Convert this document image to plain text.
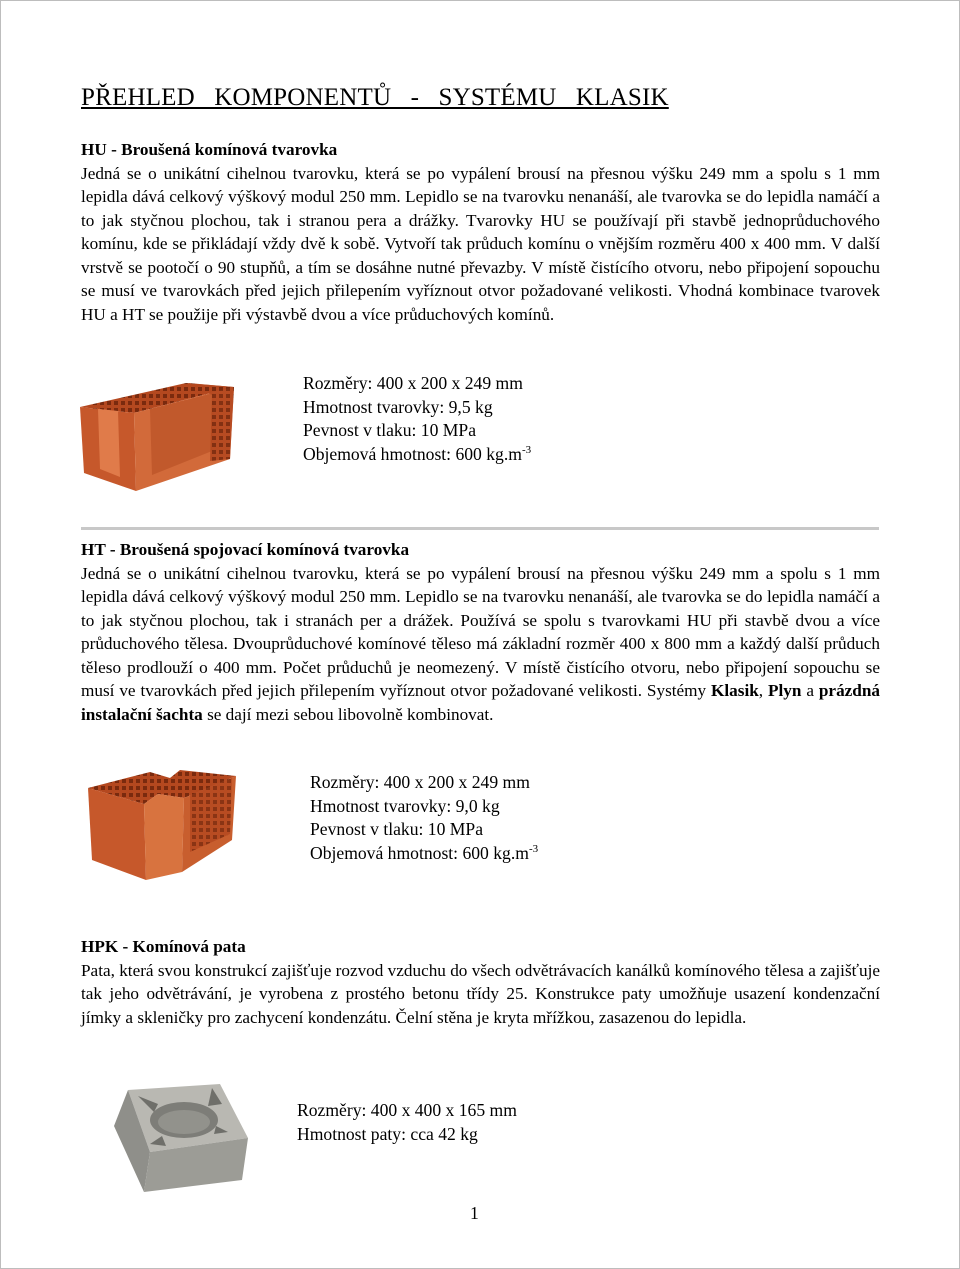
PŘEHLED   KOMPONENTŮ   -   SYSTÉMU   KLASIK
HU - Broušená komínová tvarovka
Jedná se o unikátní cihelnou tvarovku, která se po vypálení brousí na přesnou výšku 249 mm a spolu s 1 mm lepidla dává celkový výškový modul 250 mm. Lepidlo se na tvarovku nenanáší, ale tvarovka se do lepidla namáčí a to jak styčnou plochou, tak i stranou pera a drážky. Tvarovky HU se používají při stavbě jednoprůduchového komínu, kde se přikládají vždy dvě k sobě. Vytvoří tak průduch komínu o vnějším rozměru 400 x 400 mm. V další vrstvě se pootočí o 90 stupňů, a tím se dosáhne nutné převazby. V místě čistícího otvoru, nebo připojení sopouchu se musí ve tvarovkách před jejich přilepením vyříznout otvor požadované velikosti. Vhodná kombinace tvarovek HU a HT se použije při výstavbě dvou a více průduchových komínů.
Rozměry: 400 x 200 x 249 mm
Hmotnost tvarovky: 9,5 kg
Pevnost v tlaku: 10 MPa
Objemová hmotnost: 600 $kg.m^{-3}$
HT - Broušená spojovací komínová tvarovka
Jedná se o unikátní cihelnou tvarovku, která se po vypálení brousí na přesnou výšku 249 mm a spolu s 1 mm lepidla dává celkový výškový modul 250 mm. Lepidlo se na tvarovku nenanáší, ale tvarovka se do lepidla namáčí a to jak styčnou plochou, tak i stranách per a drážek. Používá se spolu s tvarovkami HU při stavbě dvou a více průduchového tělesa. Dvouprůduchové komínové těleso má základní rozměr 400 x 800 mm a každý další průduch těleso prodlouží o 400 mm. Počet průduchů je neomezený. V místě čistícího otvoru, nebo připojení sopouchu se musí ve tvarovkách před jejich přilepením vyříznout otvor požadované velikosti. Systémy Klasik, Plyn a prázdná instalační šachta se dají mezi sebou libovolně kombinovat.
Rozměry: 400 x 200 x 249 mm
Hmotnost tvarovky: 9,0 kg
Pevnost v tlaku: 10 MPa
Objemová hmotnost: 600 $kg.m^{-3}$
HPK - Komínová pata
Pata, která svou konstrukcí zajišťuje rozvod vzduchu do všech odvětrávacích kanálků komínového tělesa a zajišťuje tak jeho odvětrávání, je vyrobena z prostého betonu třídy 25. Konstrukce paty umožňuje usazení kondenzační jímky a skleničky pro zachycení kondenzátu. Čelní stěna je kryta mřížkou, zasazenou do lepidla.
Rozměry: 400 x 400 x 165 mm
Hmotnost paty: cca 42 kg
1
